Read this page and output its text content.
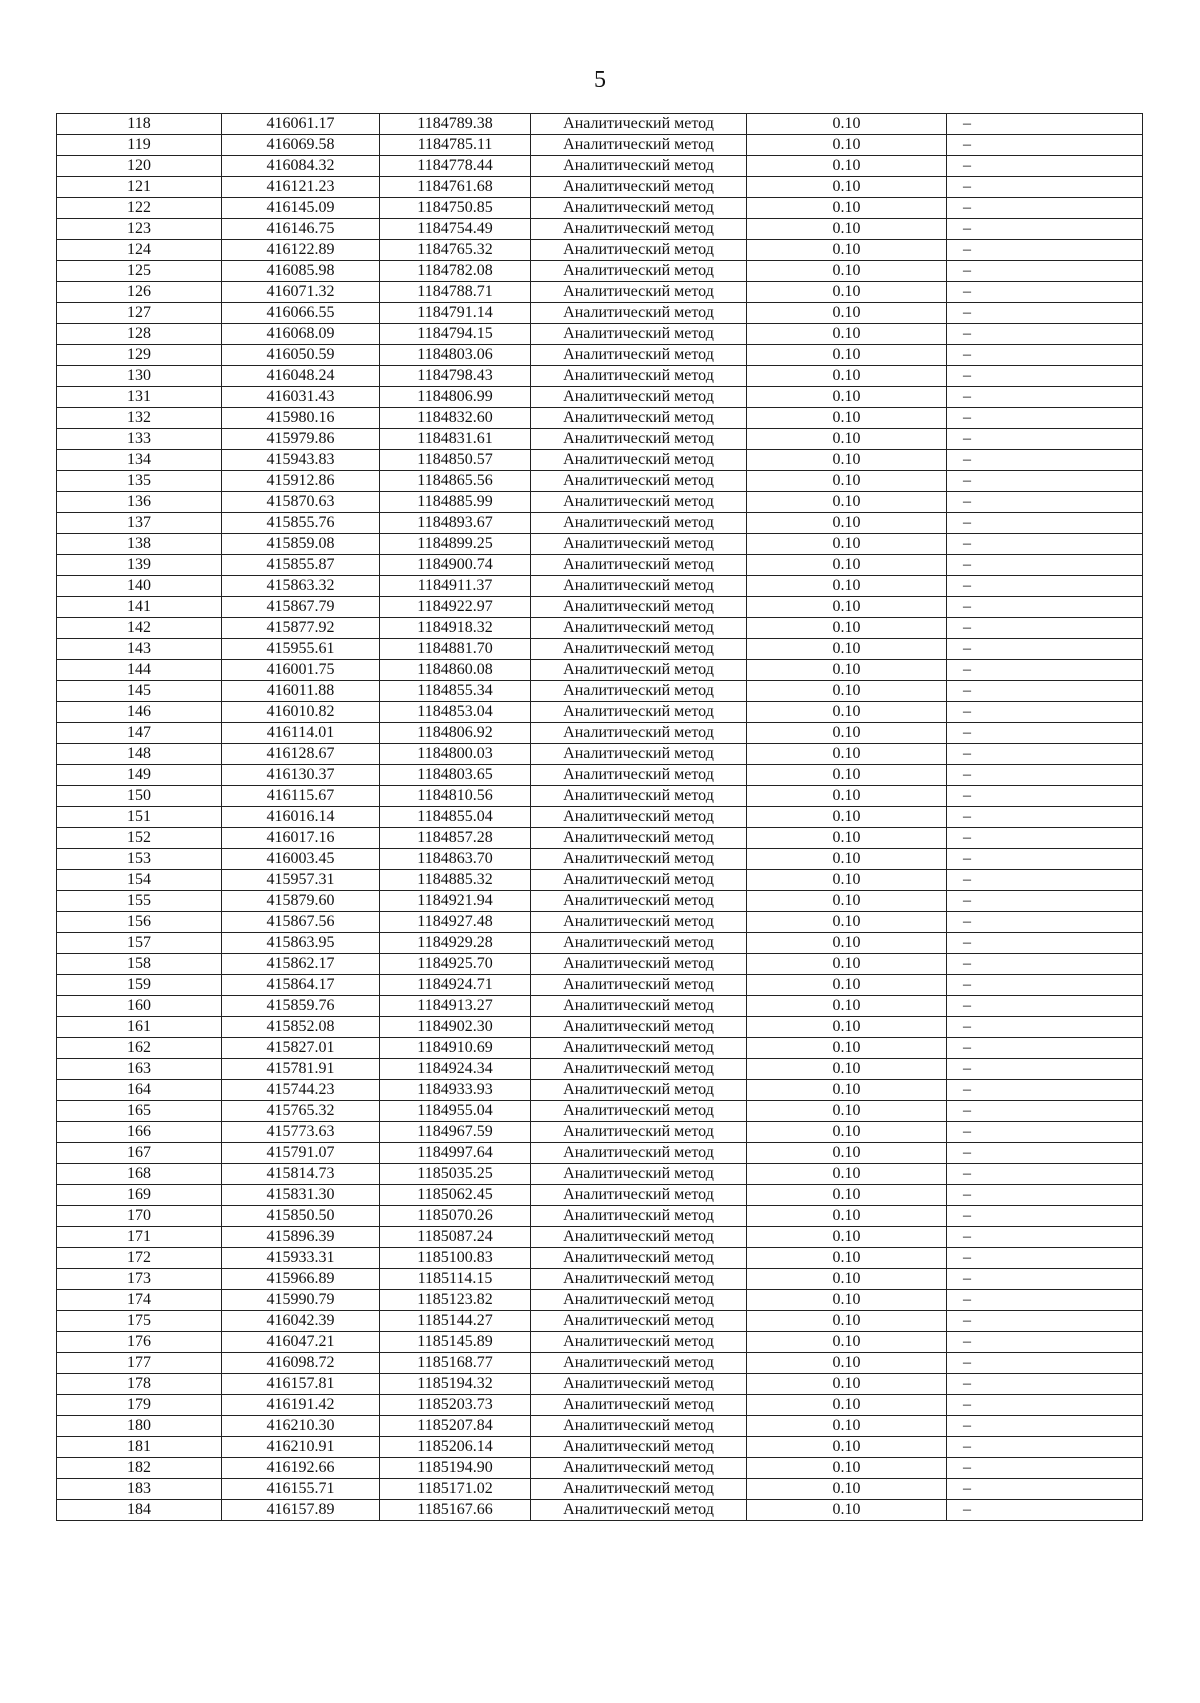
5
118	416061.17	1184789.38	Аналитический метод	0.10	–
119	416069.58	1184785.11	Аналитический метод	0.10	–
120	416084.32	1184778.44	Аналитический метод	0.10	–
121	416121.23	1184761.68	Аналитический метод	0.10	–
122	416145.09	1184750.85	Аналитический метод	0.10	–
123	416146.75	1184754.49	Аналитический метод	0.10	–
124	416122.89	1184765.32	Аналитический метод	0.10	–
125	416085.98	1184782.08	Аналитический метод	0.10	–
126	416071.32	1184788.71	Аналитический метод	0.10	–
127	416066.55	1184791.14	Аналитический метод	0.10	–
128	416068.09	1184794.15	Аналитический метод	0.10	–
129	416050.59	1184803.06	Аналитический метод	0.10	–
130	416048.24	1184798.43	Аналитический метод	0.10	–
131	416031.43	1184806.99	Аналитический метод	0.10	–
132	415980.16	1184832.60	Аналитический метод	0.10	–
133	415979.86	1184831.61	Аналитический метод	0.10	–
134	415943.83	1184850.57	Аналитический метод	0.10	–
135	415912.86	1184865.56	Аналитический метод	0.10	–
136	415870.63	1184885.99	Аналитический метод	0.10	–
137	415855.76	1184893.67	Аналитический метод	0.10	–
138	415859.08	1184899.25	Аналитический метод	0.10	–
139	415855.87	1184900.74	Аналитический метод	0.10	–
140	415863.32	1184911.37	Аналитический метод	0.10	–
141	415867.79	1184922.97	Аналитический метод	0.10	–
142	415877.92	1184918.32	Аналитический метод	0.10	–
143	415955.61	1184881.70	Аналитический метод	0.10	–
144	416001.75	1184860.08	Аналитический метод	0.10	–
145	416011.88	1184855.34	Аналитический метод	0.10	–
146	416010.82	1184853.04	Аналитический метод	0.10	–
147	416114.01	1184806.92	Аналитический метод	0.10	–
148	416128.67	1184800.03	Аналитический метод	0.10	–
149	416130.37	1184803.65	Аналитический метод	0.10	–
150	416115.67	1184810.56	Аналитический метод	0.10	–
151	416016.14	1184855.04	Аналитический метод	0.10	–
152	416017.16	1184857.28	Аналитический метод	0.10	–
153	416003.45	1184863.70	Аналитический метод	0.10	–
154	415957.31	1184885.32	Аналитический метод	0.10	–
155	415879.60	1184921.94	Аналитический метод	0.10	–
156	415867.56	1184927.48	Аналитический метод	0.10	–
157	415863.95	1184929.28	Аналитический метод	0.10	–
158	415862.17	1184925.70	Аналитический метод	0.10	–
159	415864.17	1184924.71	Аналитический метод	0.10	–
160	415859.76	1184913.27	Аналитический метод	0.10	–
161	415852.08	1184902.30	Аналитический метод	0.10	–
162	415827.01	1184910.69	Аналитический метод	0.10	–
163	415781.91	1184924.34	Аналитический метод	0.10	–
164	415744.23	1184933.93	Аналитический метод	0.10	–
165	415765.32	1184955.04	Аналитический метод	0.10	–
166	415773.63	1184967.59	Аналитический метод	0.10	–
167	415791.07	1184997.64	Аналитический метод	0.10	–
168	415814.73	1185035.25	Аналитический метод	0.10	–
169	415831.30	1185062.45	Аналитический метод	0.10	–
170	415850.50	1185070.26	Аналитический метод	0.10	–
171	415896.39	1185087.24	Аналитический метод	0.10	–
172	415933.31	1185100.83	Аналитический метод	0.10	–
173	415966.89	1185114.15	Аналитический метод	0.10	–
174	415990.79	1185123.82	Аналитический метод	0.10	–
175	416042.39	1185144.27	Аналитический метод	0.10	–
176	416047.21	1185145.89	Аналитический метод	0.10	–
177	416098.72	1185168.77	Аналитический метод	0.10	–
178	416157.81	1185194.32	Аналитический метод	0.10	–
179	416191.42	1185203.73	Аналитический метод	0.10	–
180	416210.30	1185207.84	Аналитический метод	0.10	–
181	416210.91	1185206.14	Аналитический метод	0.10	–
182	416192.66	1185194.90	Аналитический метод	0.10	–
183	416155.71	1185171.02	Аналитический метод	0.10	–
184	416157.89	1185167.66	Аналитический метод	0.10	–
